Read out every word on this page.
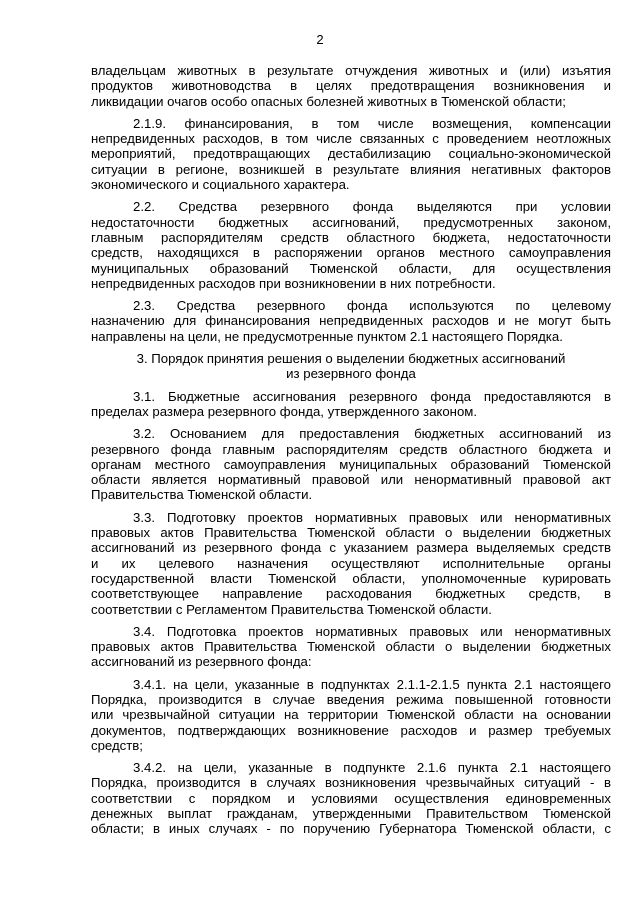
2
владельцам животных в результате отчуждения животных и (или) изъятия
продуктов животноводства в целях предотвращения возникновения и
ликвидации очагов особо опасных болезней животных в Тюменской области;
2.1.9. финансирования, в том числе возмещения, компенсации
непредвиденных расходов, в том числе связанных с проведением неотложных
мероприятий, предотвращающих дестабилизацию социально-экономической
ситуации в регионе, возникшей в результате влияния негативных факторов
экономического и социального характера.
2.2. Средства резервного фонда выделяются при условии
недостаточности бюджетных ассигнований, предусмотренных законом,
главным распорядителям средств областного бюджета, недостаточности
средств, находящихся в распоряжении органов местного самоуправления
муниципальных образований Тюменской области, для осуществления
непредвиденных расходов при возникновении в них потребности.
2.3. Средства резервного фонда используются по целевому
назначению для финансирования непредвиденных расходов и не могут быть
направлены на цели, не предусмотренные пунктом 2.1 настоящего Порядка.
3. Порядок принятия решения о выделении бюджетных ассигнований
из резервного фонда
3.1. Бюджетные ассигнования резервного фонда предоставляются в
пределах размера резервного фонда, утвержденного законом.
3.2. Основанием для предоставления бюджетных ассигнований из
резервного фонда главным распорядителям средств областного бюджета и
органам местного самоуправления муниципальных образований Тюменской
области является нормативный правовой или ненормативный правовой акт
Правительства Тюменской области.
3.3. Подготовку проектов нормативных правовых или ненормативных
правовых актов Правительства Тюменской области о выделении бюджетных
ассигнований из резервного фонда с указанием размера выделяемых средств
и их целевого назначения осуществляют исполнительные органы
государственной власти Тюменской области, уполномоченные курировать
соответствующее направление расходования бюджетных средств, в
соответствии с Регламентом Правительства Тюменской области.
3.4. Подготовка проектов нормативных правовых или ненормативных
правовых актов Правительства Тюменской области о выделении бюджетных
ассигнований из резервного фонда:
3.4.1. на цели, указанные в подпунктах 2.1.1-2.1.5 пункта 2.1 настоящего
Порядка, производится в случае введения режима повышенной готовности
или чрезвычайной ситуации на территории Тюменской области на основании
документов, подтверждающих возникновение расходов и размер требуемых
средств;
3.4.2. на цели, указанные в подпункте 2.1.6 пункта 2.1 настоящего
Порядка, производится в случаях возникновения чрезвычайных ситуаций - в
соответствии с порядком и условиями осуществления единовременных
денежных выплат гражданам, утвержденными Правительством Тюменской
области; в иных случаях - по поручению Губернатора Тюменской области, с
